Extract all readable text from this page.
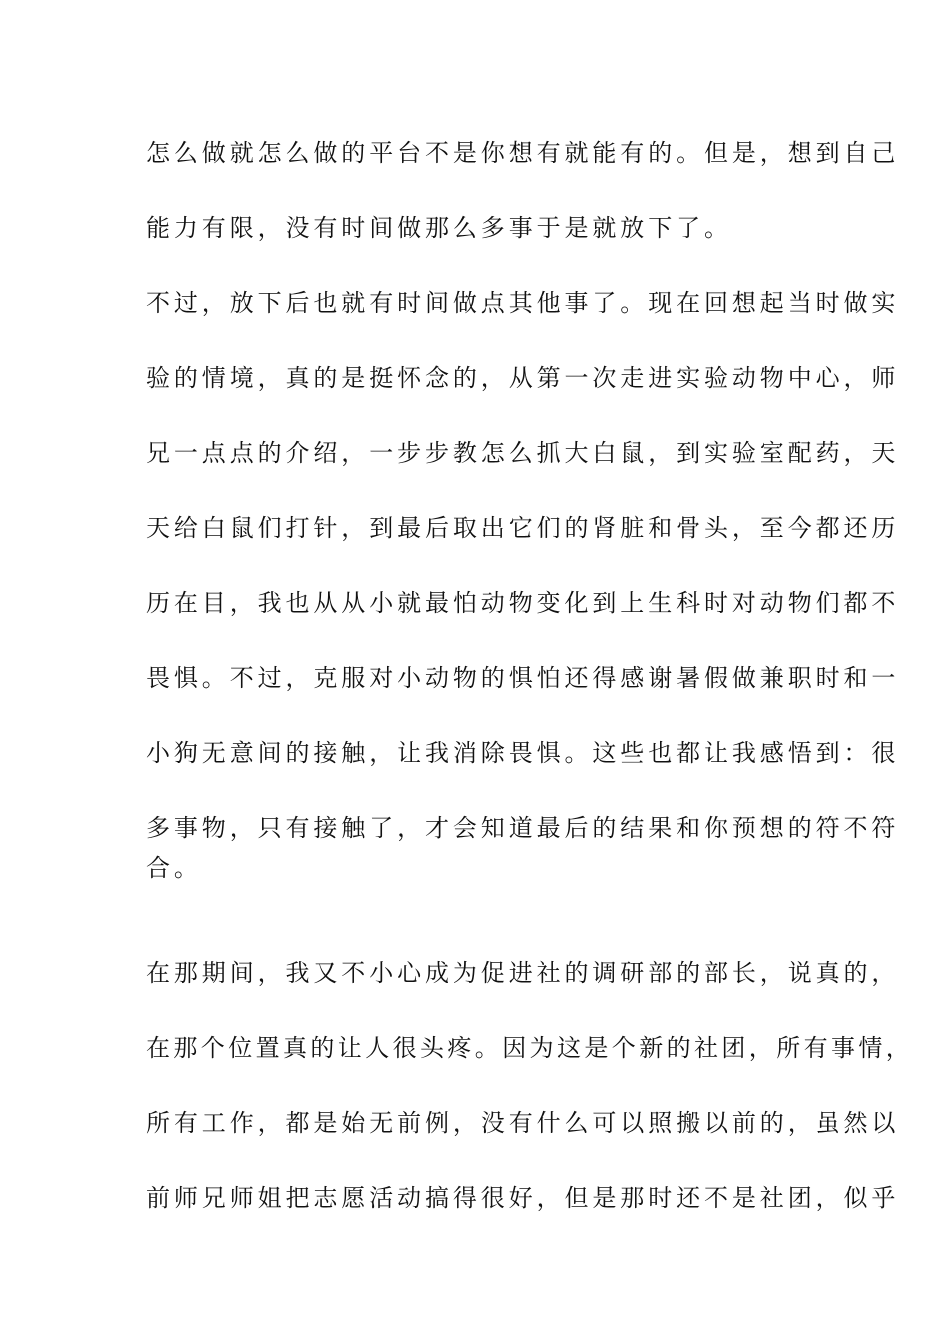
怎么做就怎么做的平台不是你想有就能有的。但是，想到自己

能力有限，没有时间做那么多事于是就放下了。

不过，放下后也就有时间做点其他事了。现在回想起当时做实

验的情境，真的是挺怀念的，从第一次走进实验动物中心，师

兄一点点的介绍，一步步教怎么抓大白鼠，到实验室配药，天

天给白鼠们打针，到最后取出它们的肾脏和骨头，至今都还历

历在目，我也从从小就最怕动物变化到上生科时对动物们都不

畏惧。不过，克服对小动物的惧怕还得感谢暑假做兼职时和一

小狗无意间的接触，让我消除畏惧。这些也都让我感悟到：很

多事物，只有接触了，才会知道最后的结果和你预想的符不符

合。

在那期间，我又不小心成为促进社的调研部的部长，说真的，

在那个位置真的让人很头疼。因为这是个新的社团，所有事情，

所有工作，都是始无前例，没有什么可以照搬以前的，虽然以

前师兄师姐把志愿活动搞得很好，但是那时还不是社团，似乎
